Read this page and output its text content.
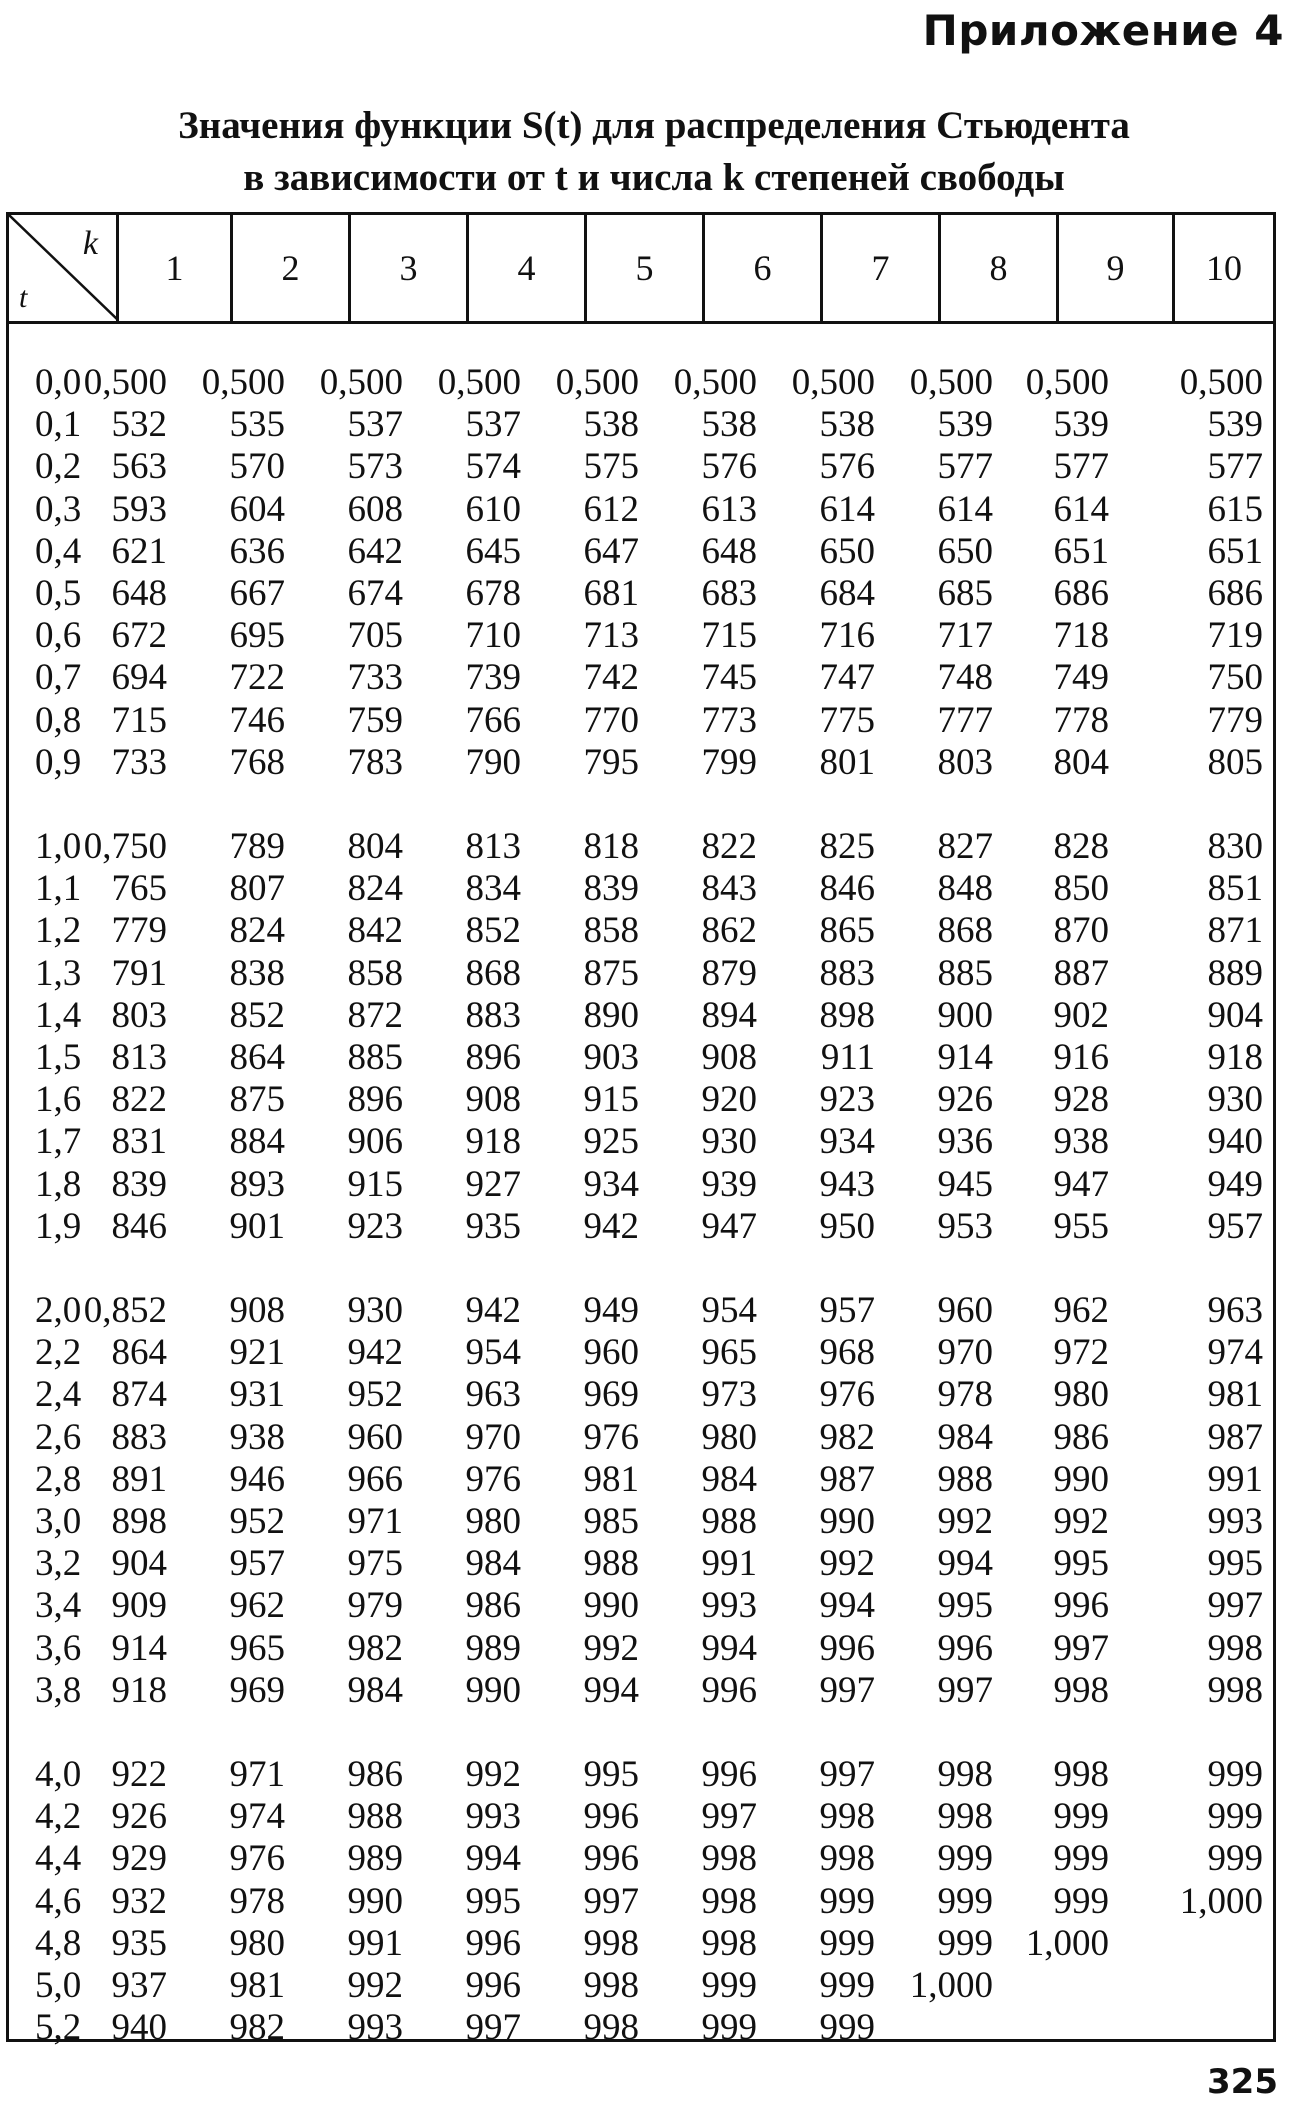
Приложение 4
Значения функции S(t) для распределения Стьюдента
в зависимости от t и числа k степеней свободы
k
t
1	2	3	4	5	6	7	8	9	10
0,0 0,500 0,500 0,500 0,500 0,500 0,500 0,500 0,500 0,500 0,500
0,1 532 535 537 537 538 538 538 539 539	539
0,2 563 570 573 574 575 576 576 577 577	577
0,3 593 604 608 610 612 613 614 614 614	615
0,4 621 636 642 645 647 648 650 650 651	651
0,5 648 667 674 678 681 683 684 685 686	686
0,6 672 695 705 710 713 715 716 717 718	719
0,7 694 722 733 739 742 745 747 748 749	750
0,8 715 746 759 766 770 773 775 777 778	779
0,9 733 768 783 790 795 799 801 803 804	805
1,0 0,750 789 804 813 818 822 825 827 828	830
1,1 765 807 824 834 839 843 846 848 850	851
1,2 779 824 842 852 858 862 865 868 870	871
1,3 791 838 858 868 875 879 883 885 887	889
1,4 803 852 872 883 890 894 898 900 902	904
1,5 813 864 885 896 903 908 911 914 916	918
1,6 822 875 896 908 915 920 923 926 928	930
1,7 831 884 906 918 925 930 934 936 938	940
1,8 839 893 915 927 934 939 943 945 947	949
1,9 846 901 923 935 942 947 950 953 955	957
2,0 0,852 908 930 942 949 954 957 960 962	963
2,2 864 921 942 954 960 965 968 970 972	974
2,4 874 931 952 963 969 973 976 978 980	981
2,6 883 938 960 970 976 980 982 984 986	987
2,8 891 946 966 976 981 984 987 988 990	991
3,0 898 952 971 980 985 988 990 992 992	993
3,2 904 957 975 984 988 991 992 994 995	995
3,4 909 962 979 986 990 993 994 995 996	997
3,6 914 965 982 989 992 994 996 996 997	998
3,8 918 969 984 990 994 996 997 997 998	998
4,0 922 971 986 992 995 996 997 998 998	999
4,2 926 974 988 993 996 997 998 998 999	999
4,4 929 976 989 994 996 998 998 999 999	999
4,6 932 978 990 995 997 998 999 999 999 1,000
4,8 935 980 991 996 998 998 999 999 1,000
5,0 937 981 992 996 998 999 999 1,000
5,2 940 982 993 997 998 999 999
325
